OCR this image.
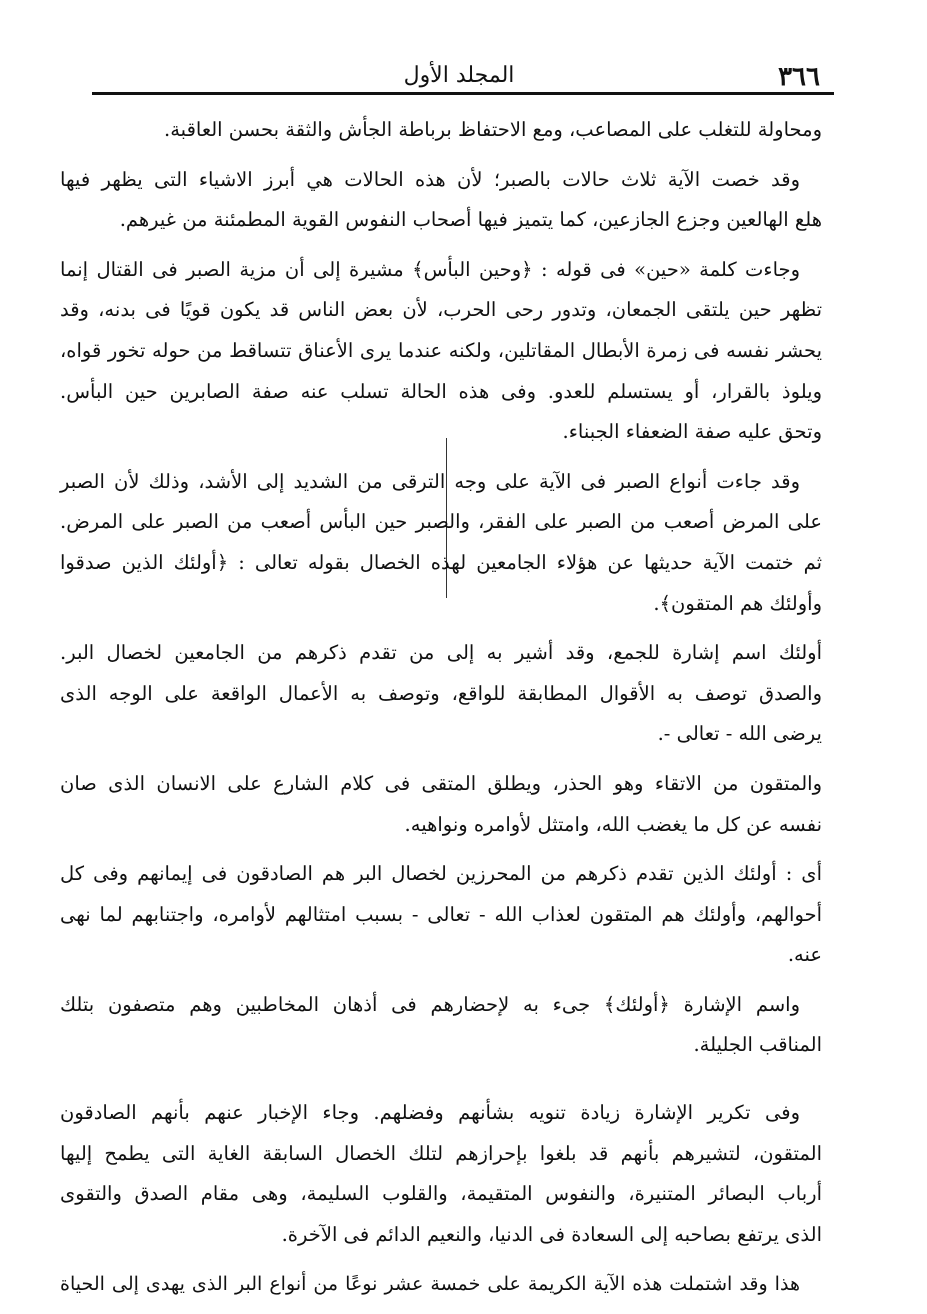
٣٦٦
المجلد الأول

ومحاولة للتغلب على المصاعب، ومع الاحتفاظ برباطة الجأش والثقة بحسن العاقبة.

وقد خصت الآية ثلاث حالات بالصبر؛ لأن هذه الحالات هي أبرز الاشياء التى يظهر فيها
هلع الهالعين وجزع الجازعين، كما يتميز فيها أصحاب النفوس القوية المطمئنة من غيرهم.

وجاءت كلمة «حين» فى قوله : ﴿وحين البأس﴾ مشيرة إلى أن مزية الصبر فى القتال إنما
تظهر حين يلتقى الجمعان، وتدور رحى الحرب، لأن بعض الناس قد يكون قويًا فى بدنه، وقد
يحشر نفسه فى زمرة الأبطال المقاتلين، ولكنه عندما يرى الأعناق تتساقط من حوله تخور قواه،
ويلوذ بالقرار، أو يستسلم للعدو. وفى هذه الحالة تسلب عنه صفة الصابرين حين البأس.
وتحق عليه صفة الضعفاء الجبناء.

وقد جاءت أنواع الصبر فى الآية على وجه الترقى من الشديد إلى الأشد، وذلك لأن الصبر
على المرض أصعب من الصبر على الفقر، والصبر حين البأس أصعب من الصبر على المرض.
ثم ختمت الآية حديثها عن هؤلاء الجامعين لهذه الخصال بقوله تعالى : ﴿أولئك الذين صدقوا
وأولئك هم المتقون﴾.

أولئك اسم إشارة للجمع، وقد أشير به إلى من تقدم ذكرهم من الجامعين لخصال البر.
والصدق توصف به الأقوال المطابقة للواقع، وتوصف به الأعمال الواقعة على الوجه الذى
يرضى الله - تعالى -.

والمتقون من الاتقاء وهو الحذر، ويطلق المتقى فى كلام الشارع على الانسان الذى صان
نفسه عن كل ما يغضب الله، وامتثل لأوامره ونواهيه.

أى : أولئك الذين تقدم ذكرهم من المحرزين لخصال البر هم الصادقون فى إيمانهم وفى كل
أحوالهم، وأولئك هم المتقون لعذاب الله - تعالى - بسبب امتثالهم لأوامره، واجتنابهم لما نهى
عنه.

واسم الإشارة ﴿أولئك﴾ جىء به لإحضارهم فى أذهان المخاطبين وهم متصفون بتلك
المناقب الجليلة.

وفى تكرير الإشارة زيادة تنويه بشأنهم وفضلهم. وجاء الإخبار عنهم بأنهم الصادقون
المتقون، لتشيرهم بأنهم قد بلغوا بإحرازهم لتلك الخصال السابقة الغاية التى يطمح إليها
أرباب البصائر المتنيرة، والنفوس المتقيمة، والقلوب السليمة، وهى مقام الصدق والتقوى
الذى يرتفع بصاحبه إلى السعادة فى الدنيا، والنعيم الدائم فى الآخرة.

هذا وقد اشتملت هذه الآية الكريمة على خمسة عشر نوعًا من أنواع البر الذى يهدى إلى الحياة
